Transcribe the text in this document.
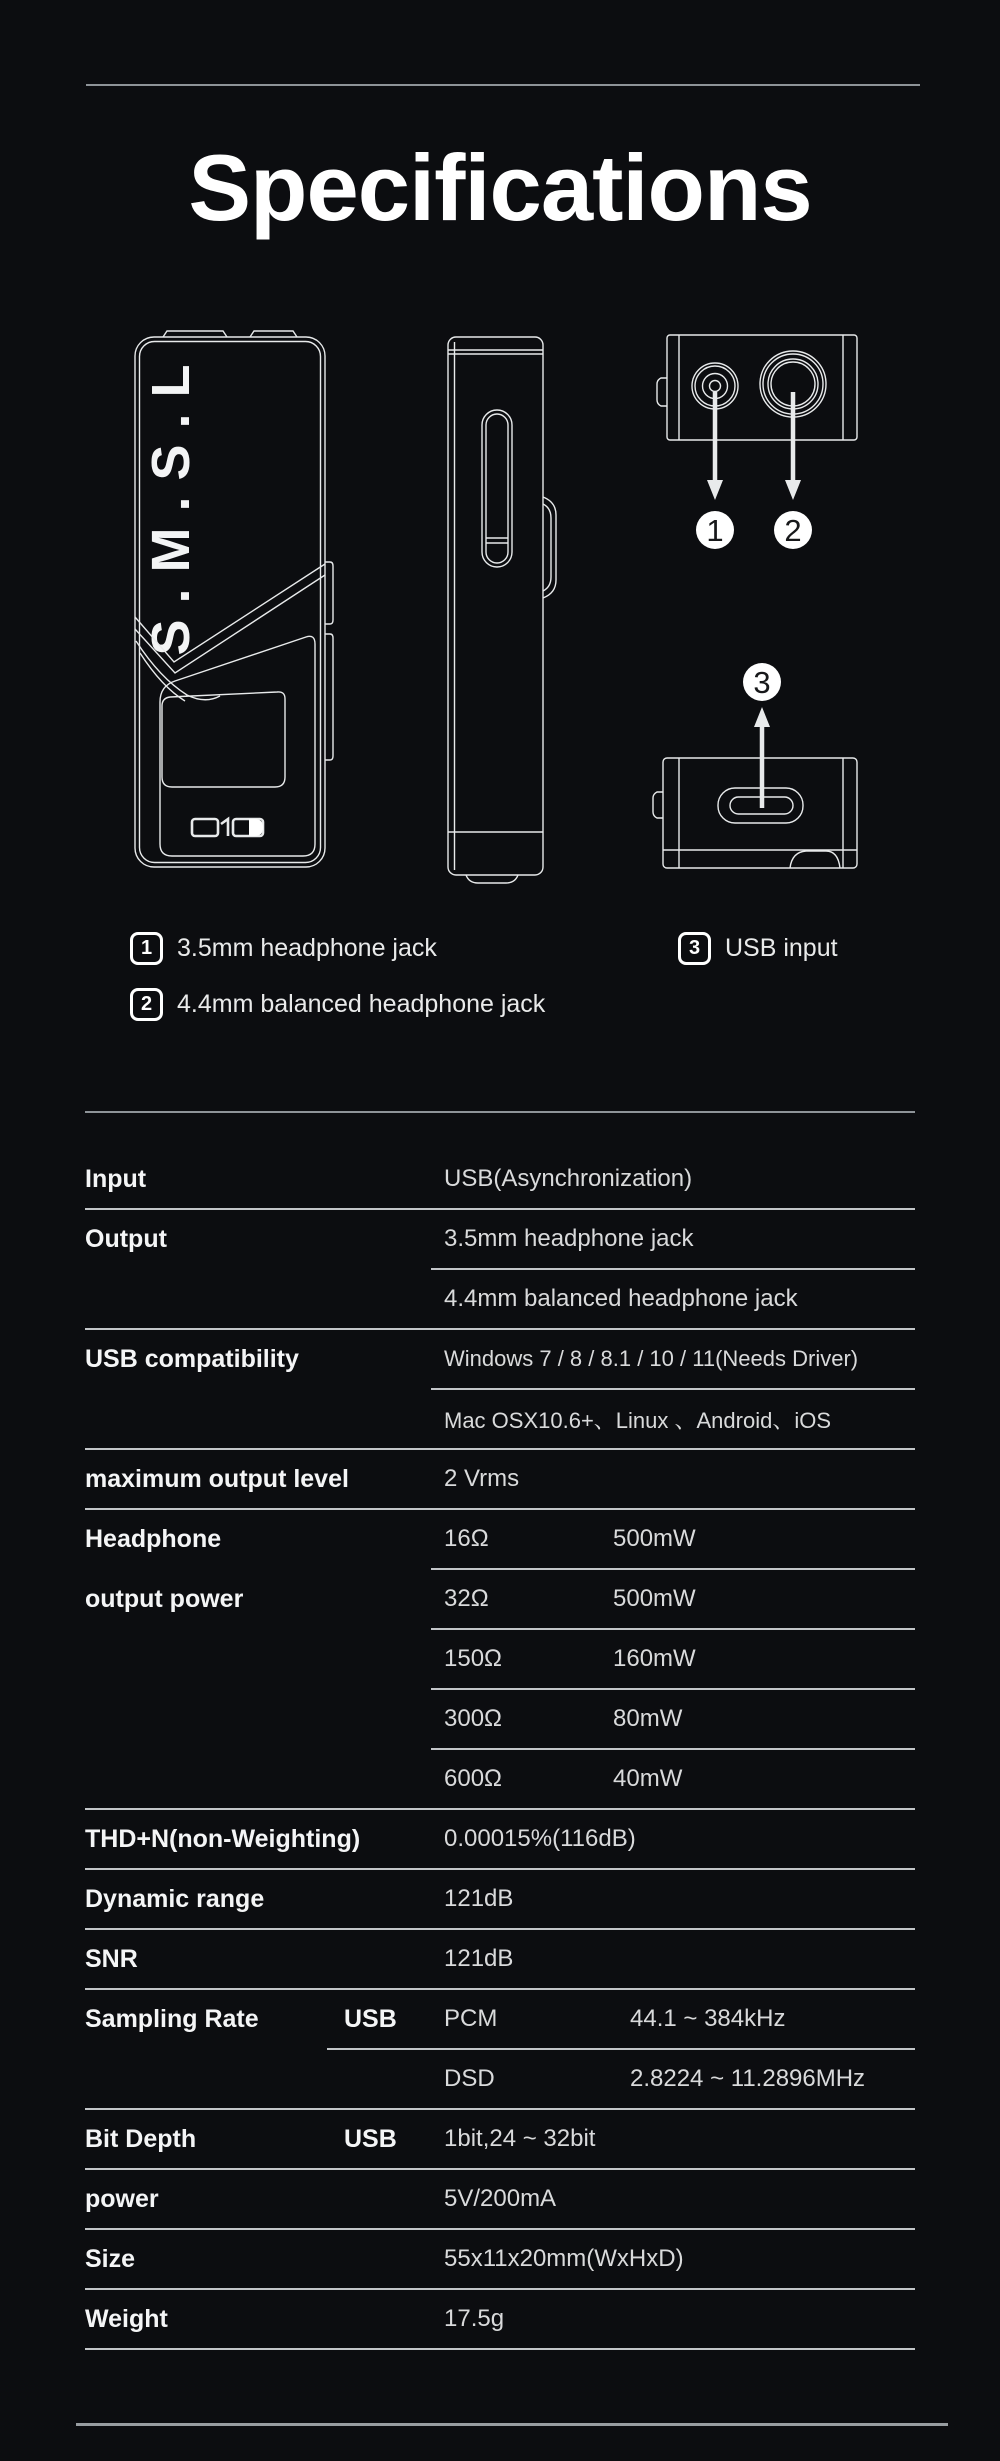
Specifications
S.M.S.L	1 2
3
1 3.5mm headphone jack
2 4.4mm balanced headphone jack
3 USB input
Input	USB(Asynchronization)
Output	3.5mm headphone jack
4.4mm balanced headphone jack
USB compatibility	Windows 7 / 8 / 8.1 / 10 / 11(Needs Driver)
Mac OSX10.6+、Linux 、Android、iOS
maximum output level	2 Vrms
Headphone	16Ω	500mW
output power	32Ω	500mW
150Ω	160mW
300Ω	80mW
600Ω	40mW
THD+N(non-Weighting)	0.00015%(116dB)
Dynamic range	121dB
SNR	121dB
Sampling Rate	USB PCM	44.1 ~ 384kHz
DSD	2.8224 ~ 11.2896MHz
Bit Depth	USB 1bit,24 ~ 32bit
power	5V/200mA
Size	55x11x20mm(WxHxD)
Weight	17.5g
